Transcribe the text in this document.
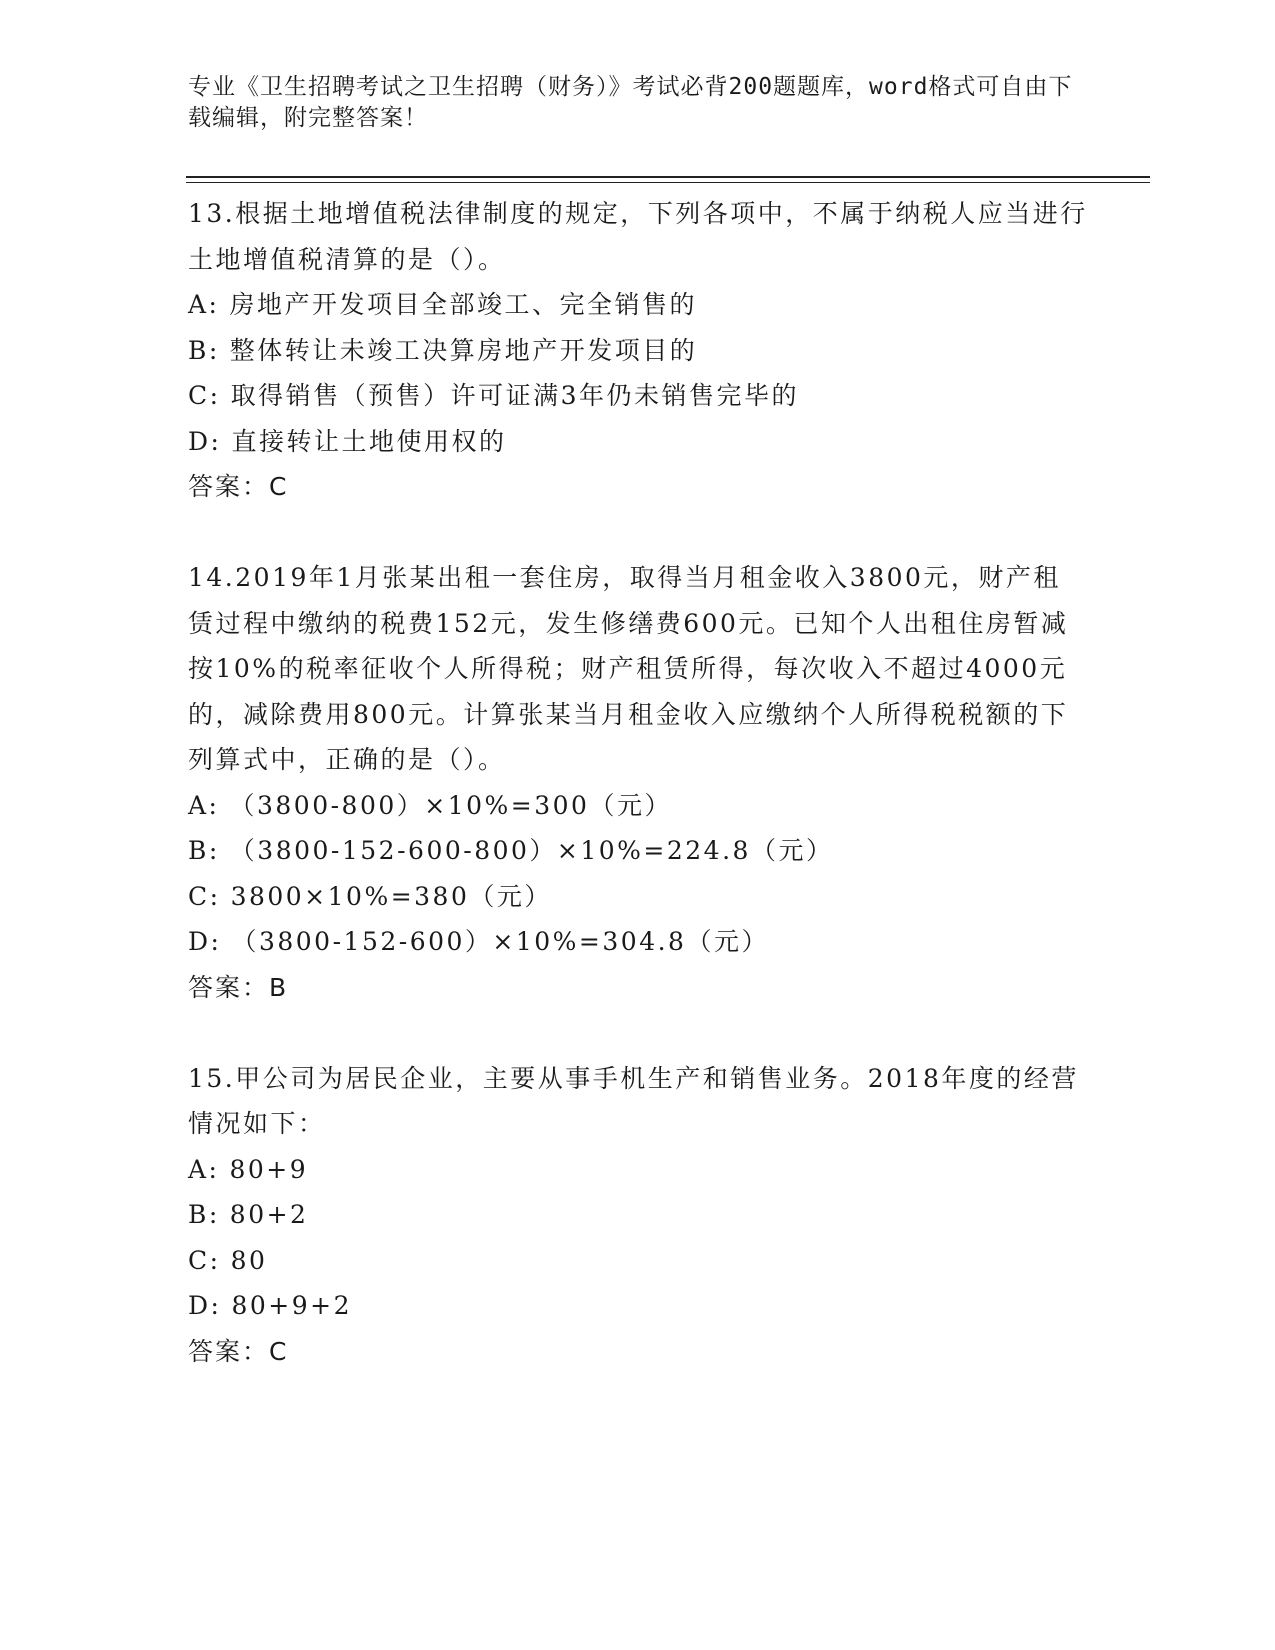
专业《卫生招聘考试之卫生招聘（财务）》考试必背200题题库，word格式可自由下载编辑，附完整答案！

13.根据土地增值税法律制度的规定，下列各项中，不属于纳税人应当进行土地增值税清算的是（）。

A: 房地产开发项目全部竣工、完全销售的

B: 整体转让未竣工决算房地产开发项目的

C: 取得销售（预售）许可证满3年仍未销售完毕的

D: 直接转让土地使用权的

答案：C

14.2019年1月张某出租一套住房，取得当月租金收入3800元，财产租赁过程中缴纳的税费152元，发生修缮费600元。已知个人出租住房暂减按10%的税率征收个人所得税；财产租赁所得，每次收入不超过4000元的，减除费用800元。计算张某当月租金收入应缴纳个人所得税税额的下列算式中，正确的是（）。

A: （3800-800）×10%=300（元）

B: （3800-152-600-800）×10%=224.8（元）

C: 3800×10%=380（元）

D: （3800-152-600）×10%=304.8（元）

答案：B

15.甲公司为居民企业，主要从事手机生产和销售业务。2018年度的经营情况如下：

A: 80+9

B: 80+2

C: 80

D: 80+9+2

答案：C
